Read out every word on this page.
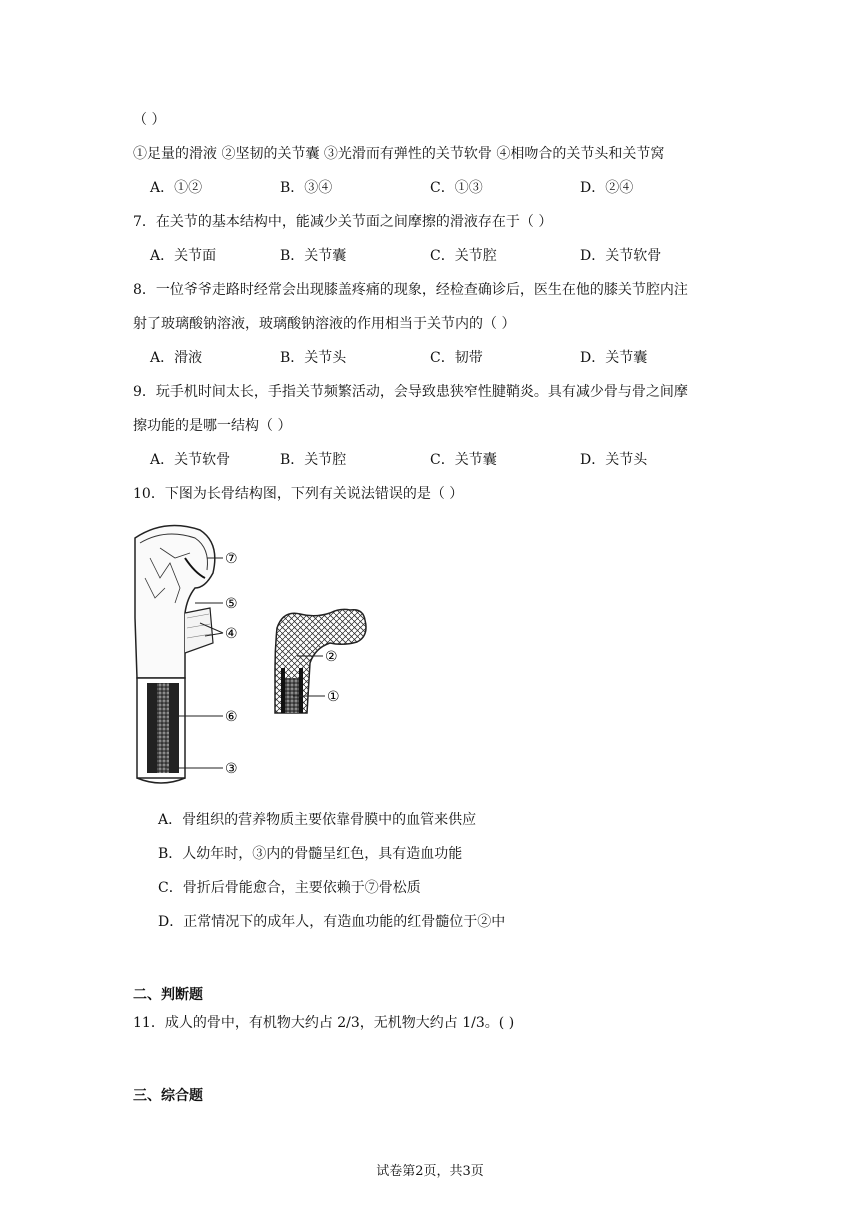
（ ）
①足量的滑液 ②坚韧的关节囊 ③光滑而有弹性的关节软骨 ④相吻合的关节头和关节窝
A．①②	B．③④	C．①③	D．②④
7．在关节的基本结构中，能减少关节面之间摩擦的滑液存在于（ ）
A．关节面	B．关节囊	C．关节腔	D．关节软骨
8．一位爷爷走路时经常会出现膝盖疼痛的现象，经检查确诊后，医生在他的膝关节腔内注
射了玻璃酸钠溶液，玻璃酸钠溶液的作用相当于关节内的（ ）
A．滑液	B．关节头	C．韧带	D．关节囊
9．玩手机时间太长，手指关节频繁活动，会导致患狭窄性腱鞘炎。具有减少骨与骨之间摩
擦功能的是哪一结构（ ）
A．关节软骨	B．关节腔	C．关节囊	D．关节头
10．下图为长骨结构图，下列有关说法错误的是（ ）
⑦
⑤
④
⑥
③
②
①
A．骨组织的营养物质主要依靠骨膜中的血管来供应
B．人幼年时，③内的骨髓呈红色，具有造血功能
C．骨折后骨能愈合，主要依赖于⑦骨松质
D．正常情况下的成年人，有造血功能的红骨髓位于②中
二、判断题
11．成人的骨中，有机物大约占 2/3，无机物大约占 1/3。( )
三、综合题
试卷第2页，共3页
